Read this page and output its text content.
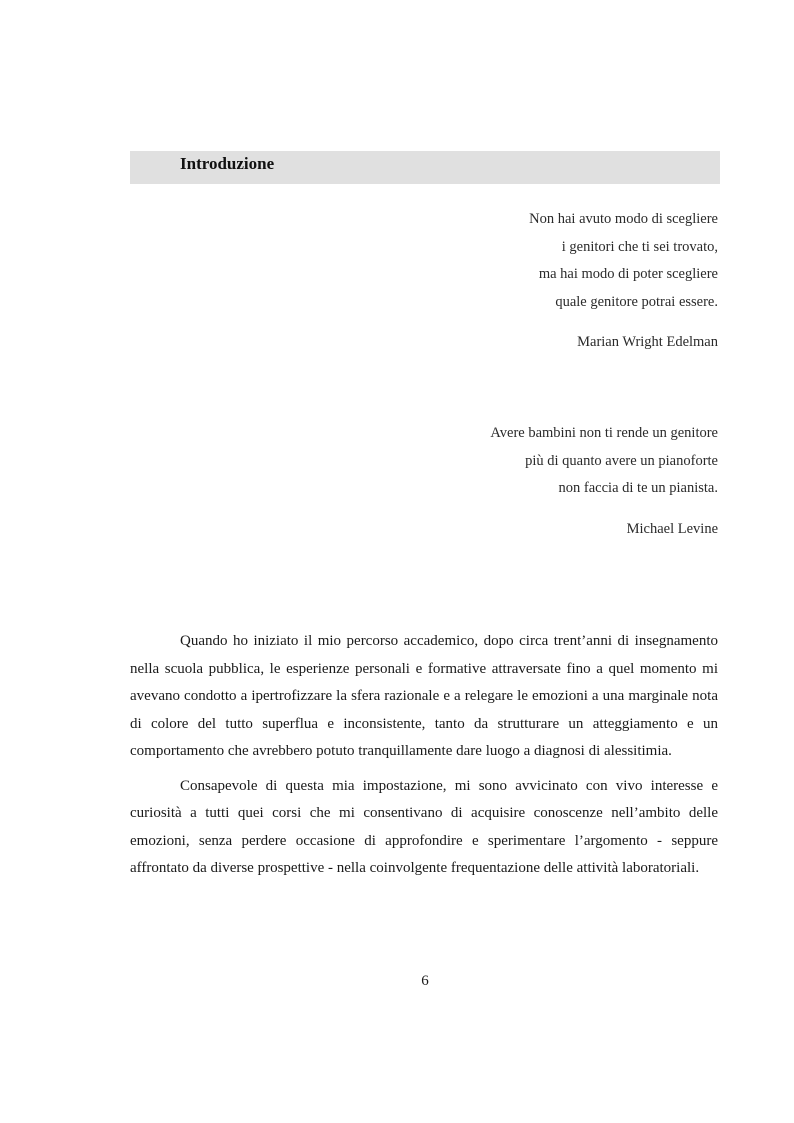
Introduzione
Non hai avuto modo di scegliere
i genitori che ti sei trovato,
ma hai modo di poter scegliere
quale genitore potrai essere.
Marian Wright Edelman
Avere bambini non ti rende un genitore
più di quanto avere un pianoforte
non faccia di te un pianista.
Michael Levine

Quando ho iniziato il mio percorso accademico, dopo circa trent’anni di insegnamento nella scuola pubblica, le esperienze personali e formative attraversate fino a quel momento mi avevano condotto a ipertrofizzare la sfera razionale e a relegare le emozioni a una marginale nota di colore del tutto superflua e inconsistente, tanto da strutturare un atteggiamento e un comportamento che avrebbero potuto tranquillamente dare luogo a diagnosi di alessitimia.

Consapevole di questa mia impostazione, mi sono avvicinato con vivo interesse e curiosità a tutti quei corsi che mi consentivano di acquisire conoscenze nell’ambito delle emozioni, senza perdere occasione di approfondire e sperimentare l’argomento - seppure affrontato da diverse prospettive - nella coinvolgente frequentazione delle attività laboratoriali.

6
